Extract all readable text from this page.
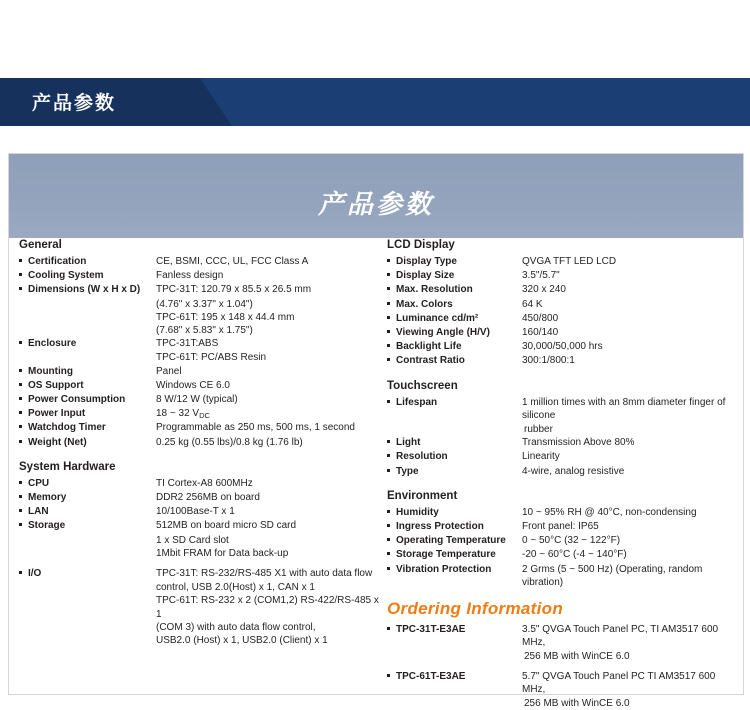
产品参数
产品参数
General
Certification	CE, BSMI, CCC, UL, FCC Class A
Cooling System	Fanless design
Dimensions (W x H x D)	TPC-31T: 120.79 x 85.5 x 26.5 mm
(4.76" x 3.37" x 1.04")
TPC-61T: 195 x 148 x 44.4 mm
(7.68" x 5.83" x 1.75")
Enclosure	TPC-31T:ABS
TPC-61T: PC/ABS Resin
Mounting	Panel
OS Support	Windows CE 6.0
Power Consumption	8 W/12 W (typical)
Power Input	18 ~ 32 $V_{DC}$
Watchdog Timer	Programmable as 250 ms, 500 ms, 1 second
Weight (Net)	0.25 kg (0.55 lbs)/0.8 kg (1.76 lb)
System Hardware
CPU	TI Cortex-A8 600MHz
Memory	DDR2 256MB on board
LAN	10/100Base-T x 1
Storage	512MB on board micro SD card
1 x SD Card slot
1Mbit FRAM for Data back-up
I/O	TPC-31T: RS-232/RS-485 X1 with auto data flow
control, USB 2.0(Host) x 1, CAN x 1
TPC-61T: RS-232 x 2 (COM1,2) RS-422/RS-485 x 1
(COM 3) with auto data flow control,
USB2.0 (Host) x 1, USB2.0 (Client) x 1
LCD Display
Display Type	QVGA TFT LED LCD
Display Size	3.5"/5.7"
Max. Resolution	320 x 240
Max. Colors	64 K
Luminance cd/m²	450/800
Viewing Angle (H/V)	160/140
Backlight Life	30,000/50,000 hrs
Contrast Ratio	300:1/800:1
Touchscreen
Lifespan	1 million times with an 8mm diameter finger of silicone
rubber
Light	Transmission Above 80%
Resolution	Linearity
Type	4-wire, analog resistive
Environment
Humidity	10 ~ 95% RH @ 40°C, non-condensing
Ingress Protection	Front panel: IP65
Operating Temperature	0 ~ 50°C (32 ~ 122°F)
Storage Temperature	-20 ~ 60°C (-4 ~ 140°F)
Vibration Protection	2 Grms (5 ~ 500 Hz) (Operating, random vibration)
Ordering Information
TPC-31T-E3AE	3.5" QVGA Touch Panel PC, TI AM3517 600 MHz,
256 MB with WinCE 6.0
TPC-61T-E3AE	5.7" QVGA Touch Panel PC TI AM3517 600 MHz,
256 MB with WinCE 6.0
